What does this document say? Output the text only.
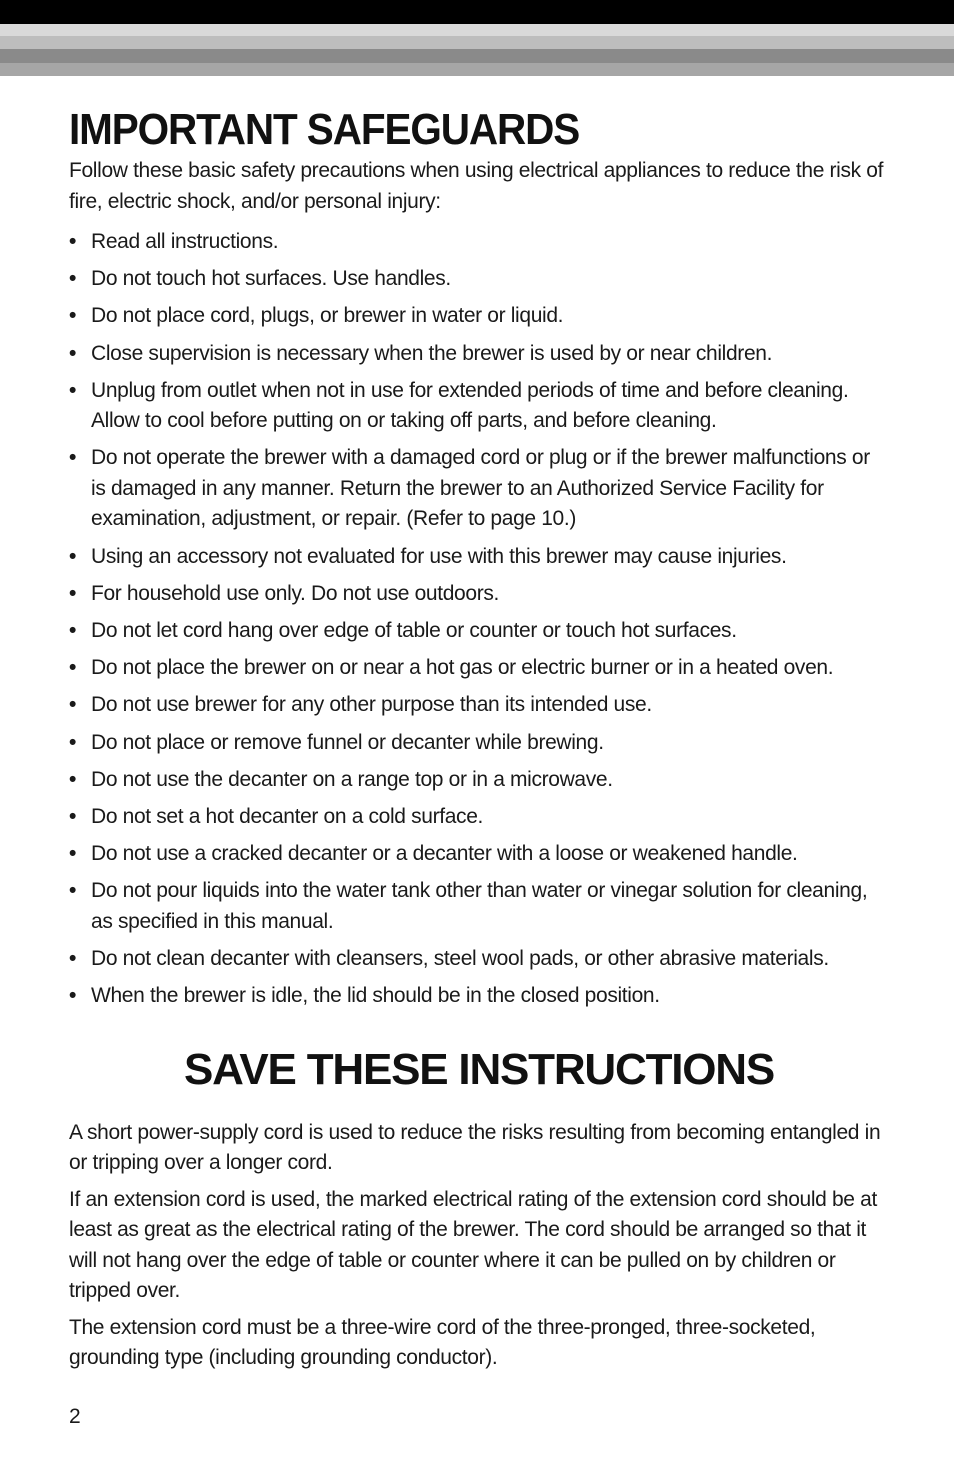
IMPORTANT SAFEGUARDS

Follow these basic safety precautions when using electrical appliances to reduce the risk of fire, electric shock, and/or personal injury:

• Read all instructions.
• Do not touch hot surfaces. Use handles.
• Do not place cord, plugs, or brewer in water or liquid.
• Close supervision is necessary when the brewer is used by or near children.
• Unplug from outlet when not in use for extended periods of time and before cleaning. Allow to cool before putting on or taking off parts, and before cleaning.
• Do not operate the brewer with a damaged cord or plug or if the brewer malfunctions or is damaged in any manner. Return the brewer to an Authorized Service Facility for examination, adjustment, or repair. (Refer to page 10.)
• Using an accessory not evaluated for use with this brewer may cause injuries.
• For household use only. Do not use outdoors.
• Do not let cord hang over edge of table or counter or touch hot surfaces.
• Do not place the brewer on or near a hot gas or electric burner or in a heated oven.
• Do not use brewer for any other purpose than its intended use.
• Do not place or remove funnel or decanter while brewing.
• Do not use the decanter on a range top or in a microwave.
• Do not set a hot decanter on a cold surface.
• Do not use a cracked decanter or a decanter with a loose or weakened handle.
• Do not pour liquids into the water tank other than water or vinegar solution for cleaning, as specified in this manual.
• Do not clean decanter with cleansers, steel wool pads, or other abrasive materials.
• When the brewer is idle, the lid should be in the closed position.
SAVE THESE INSTRUCTIONS

A short power-supply cord is used to reduce the risks resulting from becoming entangled in or tripping over a longer cord.

If an extension cord is used, the marked electrical rating of the extension cord should be at least as great as the electrical rating of the brewer. The cord should be arranged so that it will not hang over the edge of table or counter where it can be pulled on by children or tripped over.

The extension cord must be a three-wire cord of the three-pronged, three-socketed, grounding type (including grounding conductor).

2
